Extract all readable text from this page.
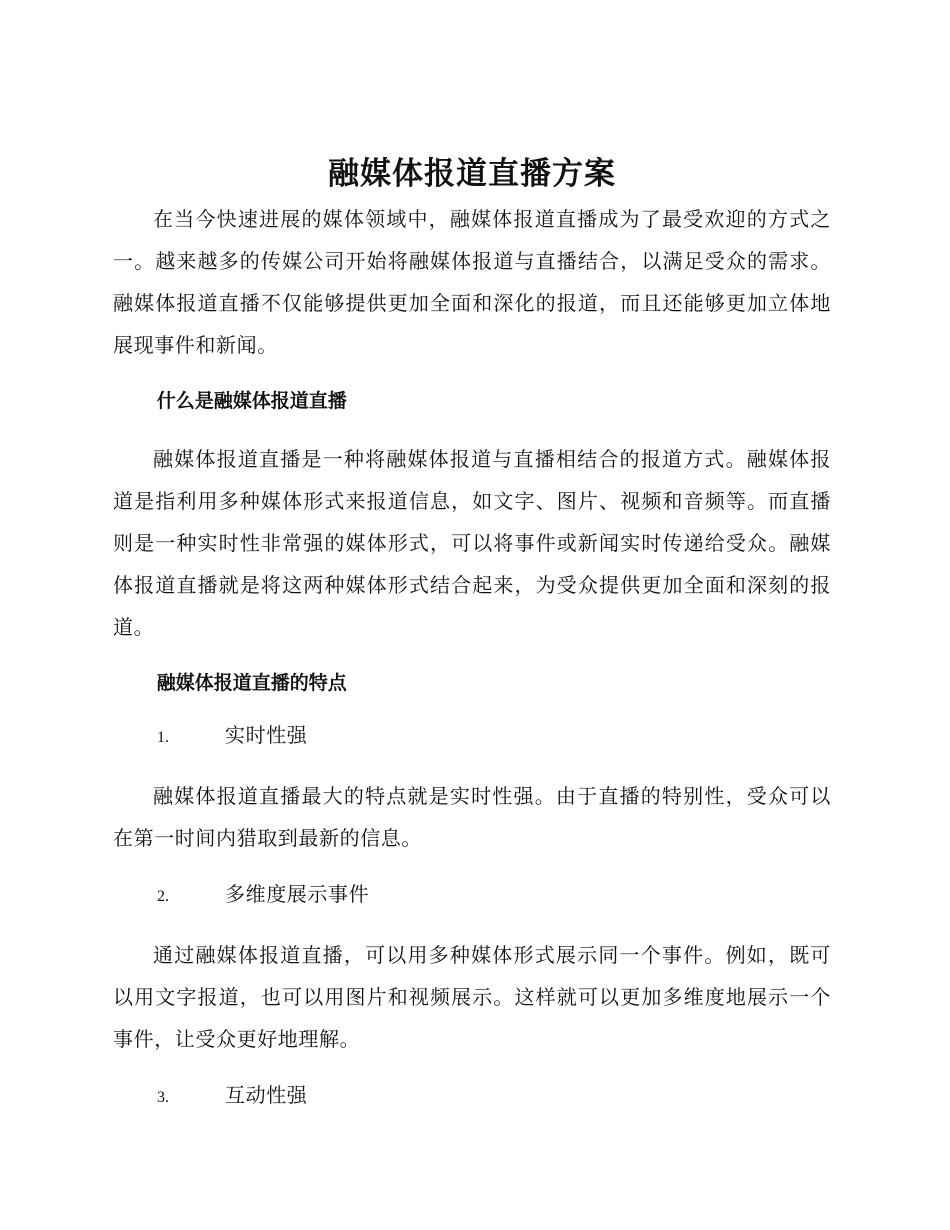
融媒体报道直播方案

在当今快速进展的媒体领域中，融媒体报道直播成为了最受欢迎的方式之一。越来越多的传媒公司开始将融媒体报道与直播结合，以满足受众的需求。融媒体报道直播不仅能够提供更加全面和深化的报道，而且还能够更加立体地展现事件和新闻。

什么是融媒体报道直播

融媒体报道直播是一种将融媒体报道与直播相结合的报道方式。融媒体报道是指利用多种媒体形式来报道信息，如文字、图片、视频和音频等。而直播则是一种实时性非常强的媒体形式，可以将事件或新闻实时传递给受众。融媒体报道直播就是将这两种媒体形式结合起来，为受众提供更加全面和深刻的报道。

融媒体报道直播的特点
1.	实时性强

融媒体报道直播最大的特点就是实时性强。由于直播的特别性，受众可以在第一时间内猎取到最新的信息。

2.	多维度展示事件

通过融媒体报道直播，可以用多种媒体形式展示同一个事件。例如，既可以用文字报道，也可以用图片和视频展示。这样就可以更加多维度地展示一个事件，让受众更好地理解。

3.	互动性强
